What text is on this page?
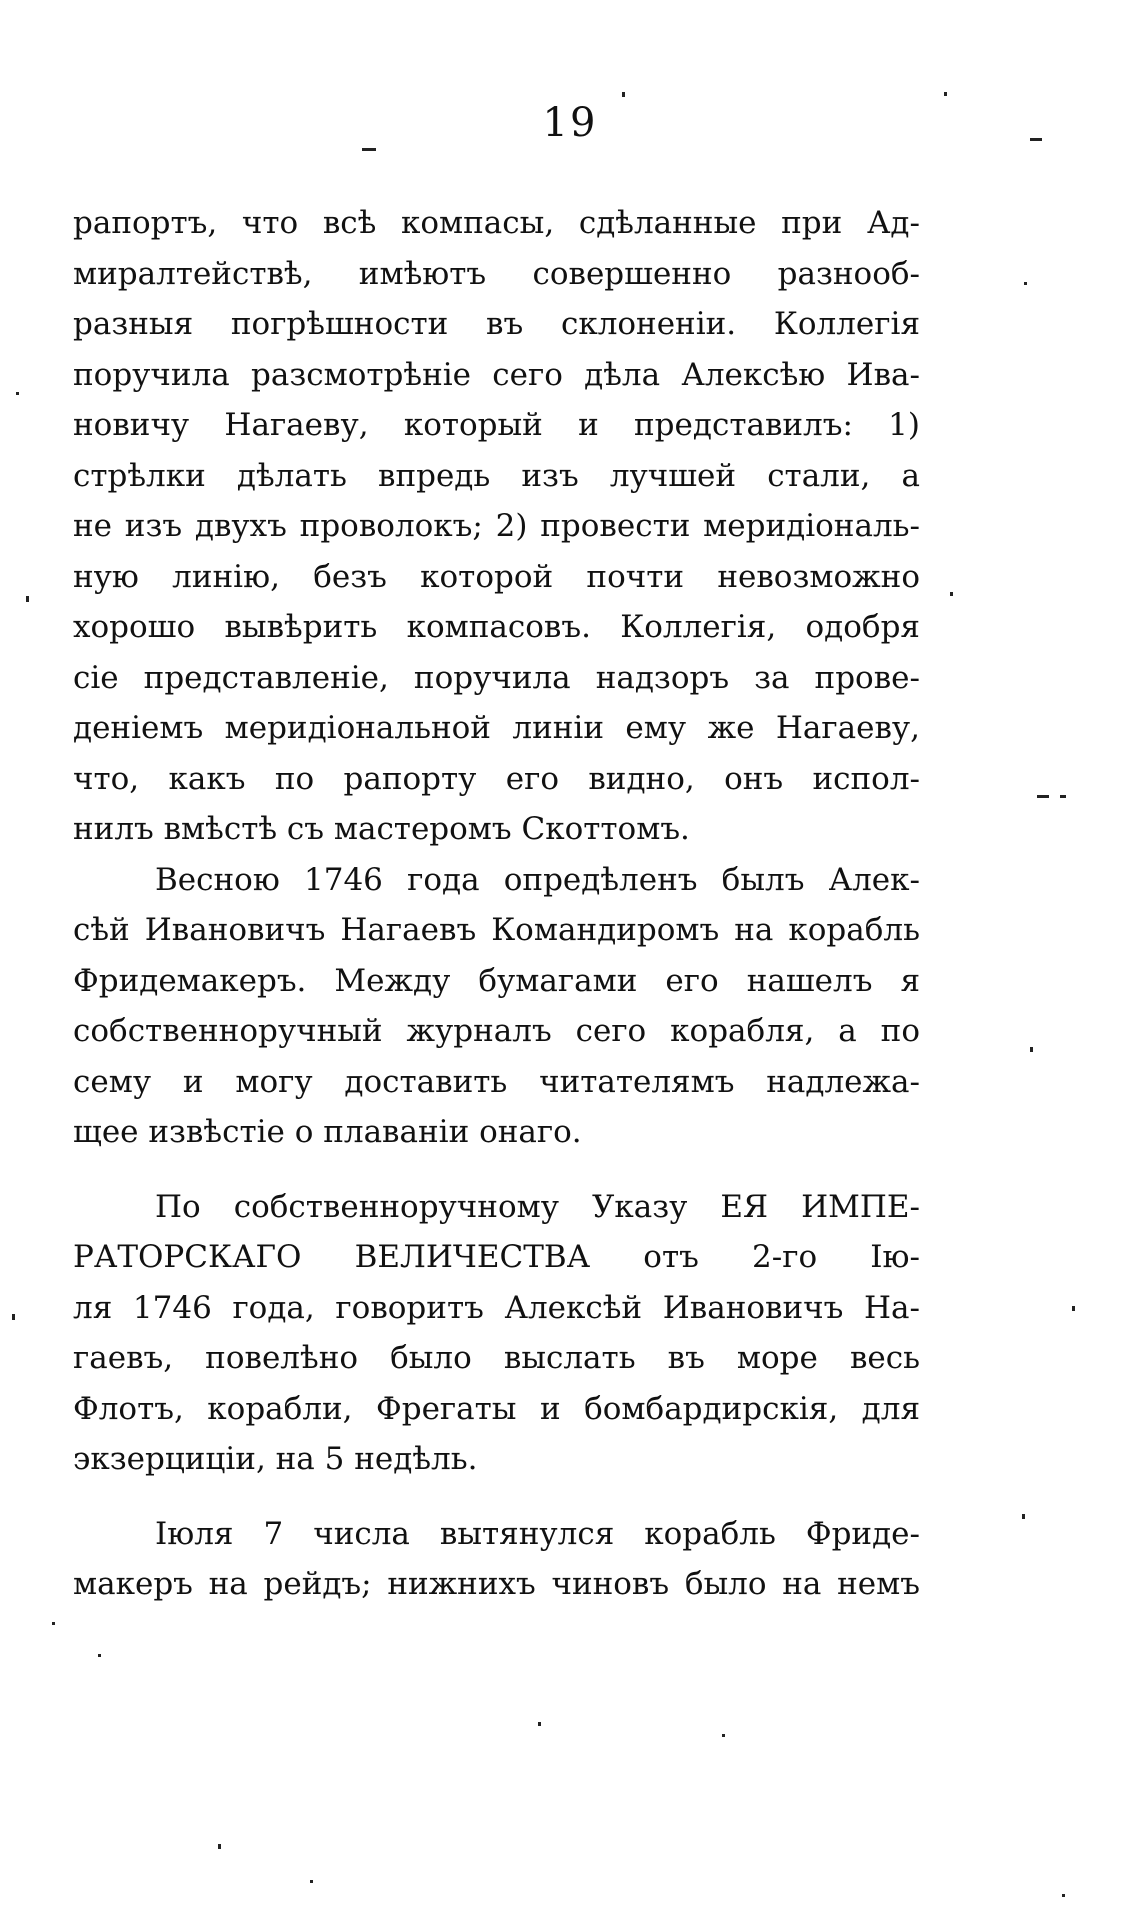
19
рапортъ, что всѣ компасы, сдѣланные при Ад-
миралтействѣ, имѣютъ совершенно разнооб-
разныя погрѣшности въ склоненіи. Коллегія
поручила разсмотрѣніе сего дѣла Алексѣю Ива-
новичу Нагаеву, который и представилъ: 1)
стрѣлки дѣлать впредь изъ лучшей стали, а
не изъ двухъ проволокъ; 2) провести меридіональ-
ную линію, безъ которой почти невозможно
хорошо вывѣрить компасовъ. Коллегія, одобря
сіе представленіе, поручила надзоръ за прове-
деніемъ меридіональной линіи ему же Нагаеву,
что, какъ по рапорту его видно, онъ испол-
нилъ вмѣстѣ съ мастеромъ Скоттомъ.
Весною 1746 года опредѣленъ былъ Алек-
сѣй Ивановичъ Нагаевъ Командиромъ на корабль
Фридемакеръ. Между бумагами его нашелъ я
собственноручный журналъ сего корабля, а по
сему и могу доставить читателямъ надлежа-
щее извѣстіе о плаваніи онаго.
По собственноручному Указу ЕЯ ИМПЕ-
РАТОРСКАГО ВЕЛИЧЕСТВА отъ 2-го Ію-
ля 1746 года, говоритъ Алексѣй Ивановичъ На-
гаевъ, повелѣно было выслать въ море весь
Флотъ, корабли, Фрегаты и бомбардирскія, для
экзерциціи, на 5 недѣль.
Іюля 7 числа вытянулся корабль Фриде-
макеръ на рейдъ; нижнихъ чиновъ было на немъ
